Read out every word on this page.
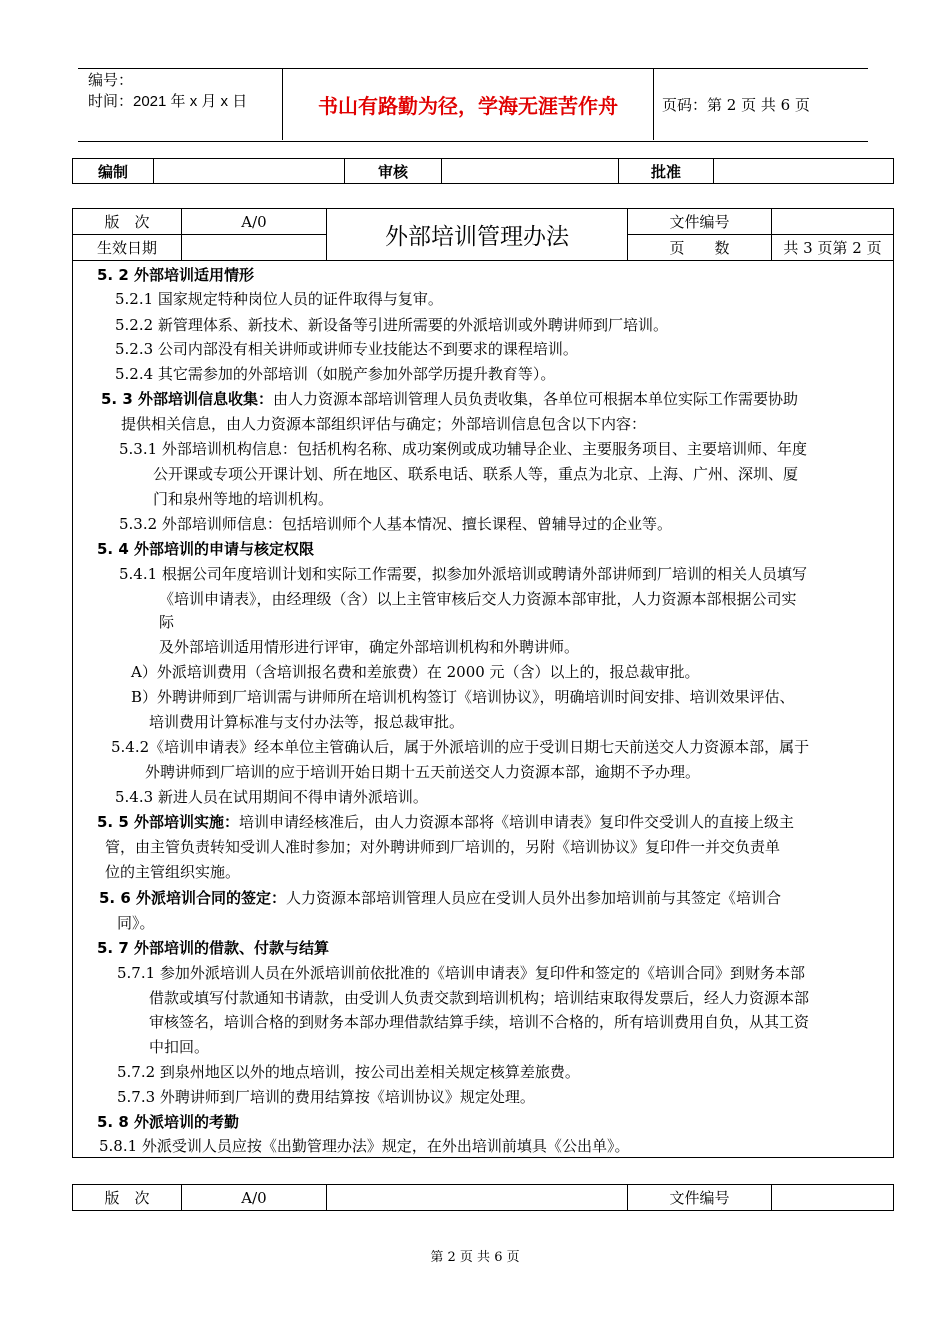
编号：
时间：2021 年 x 月 x 日	书山有路勤为径，学海无涯苦作舟	页码：第 2 页 共 6 页
编制		审核		批准	
版　次	A/0	外部培训管理办法	文件编号	
生效日期			页　　数	共 3 页第 2 页
5. 2 外部培训适用情形
5.2.1 国家规定特种岗位人员的证件取得与复审。
5.2.2 新管理体系、新技术、新设备等引进所需要的外派培训或外聘讲师到厂培训。
5.2.3 公司内部没有相关讲师或讲师专业技能达不到要求的课程培训。
5.2.4 其它需参加的外部培训（如脱产参加外部学历提升教育等）。
5. 3 外部培训信息收集：由人力资源本部培训管理人员负责收集，各单位可根据本单位实际工作需要协助
提供相关信息，由人力资源本部组织评估与确定；外部培训信息包含以下内容：
5.3.1 外部培训机构信息：包括机构名称、成功案例或成功辅导企业、主要服务项目、主要培训师、年度
公开课或专项公开课计划、所在地区、联系电话、联系人等，重点为北京、上海、广州、深圳、厦
门和泉州等地的培训机构。
5.3.2 外部培训师信息：包括培训师个人基本情况、擅长课程、曾辅导过的企业等。
5. 4 外部培训的申请与核定权限
5.4.1 根据公司年度培训计划和实际工作需要，拟参加外派培训或聘请外部讲师到厂培训的相关人员填写
《培训申请表》，由经理级（含）以上主管审核后交人力资源本部审批，人力资源本部根据公司实
际
及外部培训适用情形进行评审，确定外部培训机构和外聘讲师。
A）外派培训费用（含培训报名费和差旅费）在 2000 元（含）以上的，报总裁审批。
B）外聘讲师到厂培训需与讲师所在培训机构签订《培训协议》，明确培训时间安排、培训效果评估、
培训费用计算标准与支付办法等，报总裁审批。
5.4.2《培训申请表》经本单位主管确认后，属于外派培训的应于受训日期七天前送交人力资源本部，属于
外聘讲师到厂培训的应于培训开始日期十五天前送交人力资源本部，逾期不予办理。
5.4.3 新进人员在试用期间不得申请外派培训。
5. 5 外部培训实施：培训申请经核准后，由人力资源本部将《培训申请表》复印件交受训人的直接上级主
管，由主管负责转知受训人准时参加；对外聘讲师到厂培训的，另附《培训协议》复印件一并交负责单
位的主管组织实施。
5. 6 外派培训合同的签定：人力资源本部培训管理人员应在受训人员外出参加培训前与其签定《培训合
同》。
5. 7 外部培训的借款、付款与结算
5.7.1 参加外派培训人员在外派培训前依批准的《培训申请表》复印件和签定的《培训合同》到财务本部
借款或填写付款通知书请款，由受训人负责交款到培训机构；培训结束取得发票后，经人力资源本部
审核签名，培训合格的到财务本部办理借款结算手续，培训不合格的，所有培训费用自负，从其工资
中扣回。
5.7.2 到泉州地区以外的地点培训，按公司出差相关规定核算差旅费。
5.7.3 外聘讲师到厂培训的费用结算按《培训协议》规定处理。
5. 8 外派培训的考勤
5.8.1 外派受训人员应按《出勤管理办法》规定，在外出培训前填具《公出单》。
版　次	A/0		文件编号	
第 2 页 共 6 页
